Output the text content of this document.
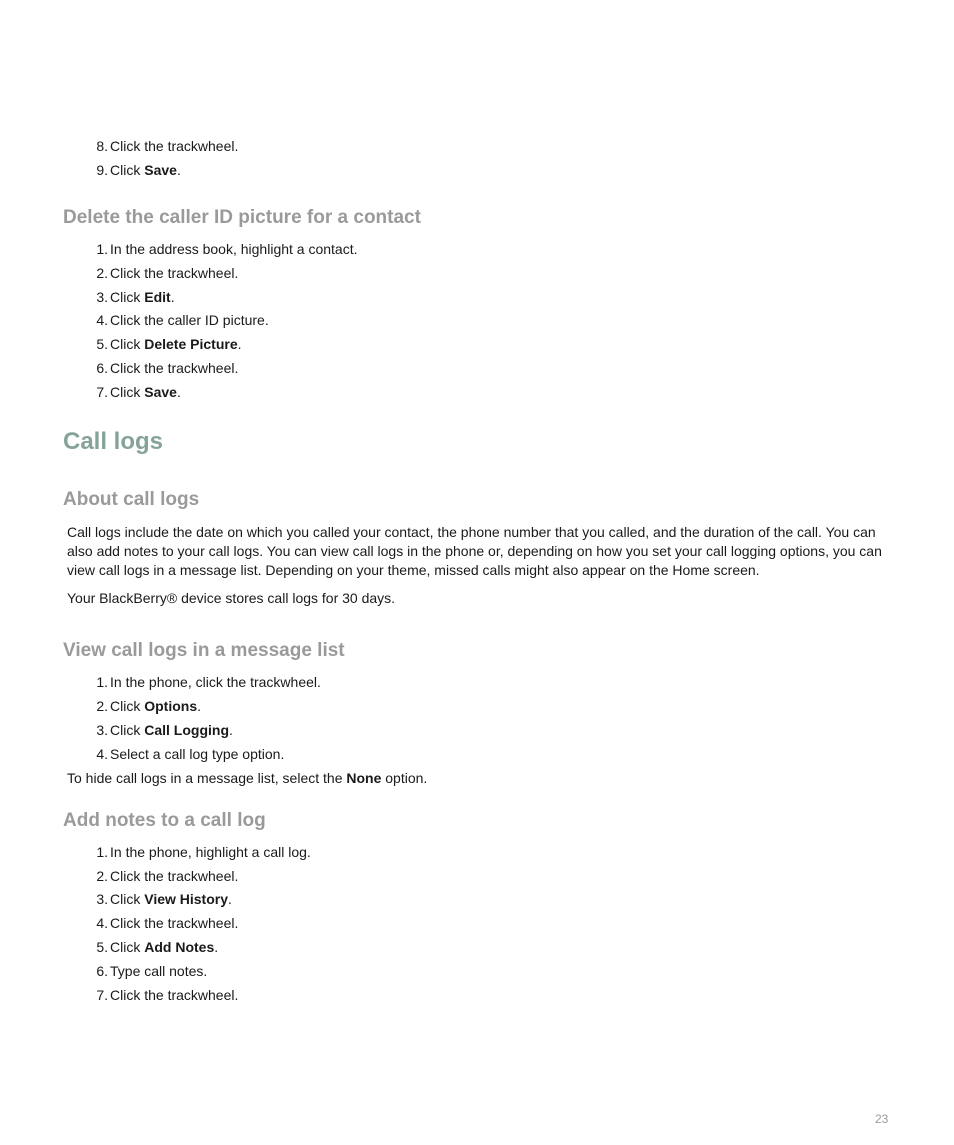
8. Click the trackwheel.
9. Click Save.
Delete the caller ID picture for a contact
1. In the address book, highlight a contact.
2. Click the trackwheel.
3. Click Edit.
4. Click the caller ID picture.
5. Click Delete Picture.
6. Click the trackwheel.
7. Click Save.
Call logs
About call logs
Call logs include the date on which you called your contact, the phone number that you called, and the duration of the call. You can also add notes to your call logs. You can view call logs in the phone or, depending on how you set your call logging options, you can view call logs in a message list. Depending on your theme, missed calls might also appear on the Home screen.
Your BlackBerry® device stores call logs for 30 days.
View call logs in a message list
1. In the phone, click the trackwheel.
2. Click Options.
3. Click Call Logging.
4. Select a call log type option.
To hide call logs in a message list, select the None option.
Add notes to a call log
1. In the phone, highlight a call log.
2. Click the trackwheel.
3. Click View History.
4. Click the trackwheel.
5. Click Add Notes.
6. Type call notes.
7. Click the trackwheel.
23
